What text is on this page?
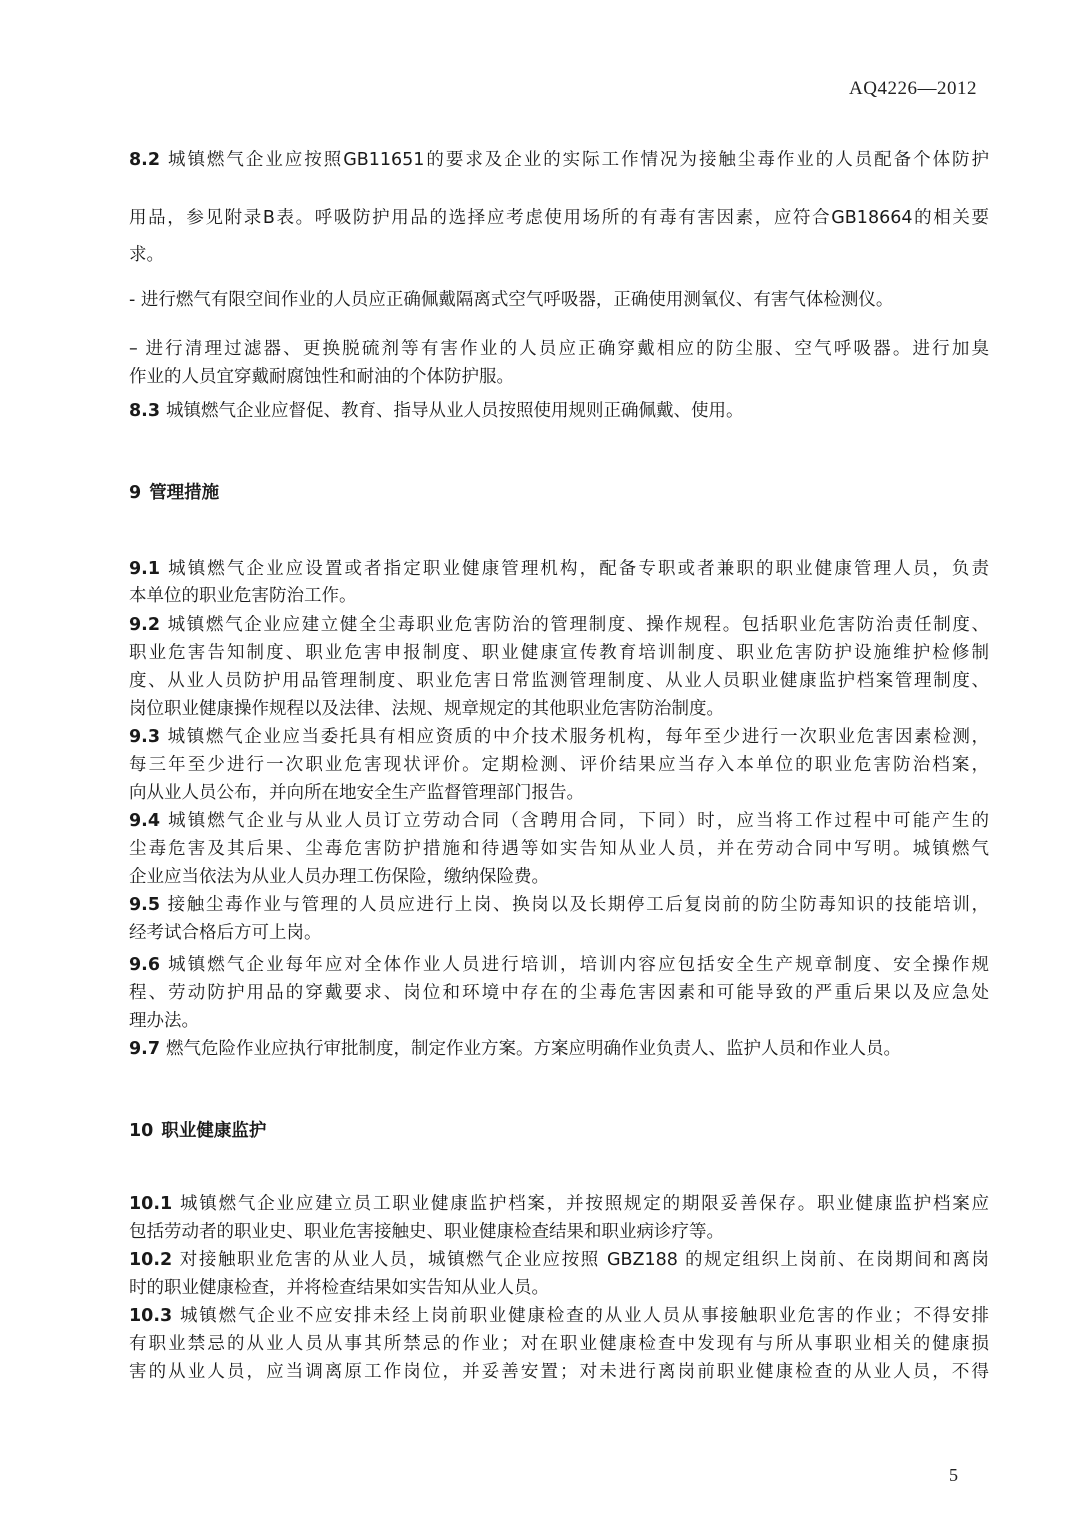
AQ4226—2012
8.2 城镇燃气企业应按照GB11651的要求及企业的实际工作情况为接触尘毒作业的人员配备个体防护
用品，参见附录B表。呼吸防护用品的选择应考虑使用场所的有毒有害因素，应符合GB18664的相关要
求。
- 进行燃气有限空间作业的人员应正确佩戴隔离式空气呼吸器，正确使用测氧仪、有害气体检测仪。
– 进行清理过滤器、更换脱硫剂等有害作业的人员应正确穿戴相应的防尘服、空气呼吸器。进行加臭
作业的人员宜穿戴耐腐蚀性和耐油的个体防护服。
8.3 城镇燃气企业应督促、教育、指导从业人员按照使用规则正确佩戴、使用。
9 管理措施
9.1 城镇燃气企业应设置或者指定职业健康管理机构，配备专职或者兼职的职业健康管理人员，负责
本单位的职业危害防治工作。
9.2 城镇燃气企业应建立健全尘毒职业危害防治的管理制度、操作规程。包括职业危害防治责任制度、
职业危害告知制度、职业危害申报制度、职业健康宣传教育培训制度、职业危害防护设施维护检修制
度、从业人员防护用品管理制度、职业危害日常监测管理制度、从业人员职业健康监护档案管理制度、
岗位职业健康操作规程以及法律、法规、规章规定的其他职业危害防治制度。
9.3 城镇燃气企业应当委托具有相应资质的中介技术服务机构，每年至少进行一次职业危害因素检测，
每三年至少进行一次职业危害现状评价。定期检测、评价结果应当存入本单位的职业危害防治档案，
向从业人员公布，并向所在地安全生产监督管理部门报告。
9.4 城镇燃气企业与从业人员订立劳动合同（含聘用合同，下同）时，应当将工作过程中可能产生的
尘毒危害及其后果、尘毒危害防护措施和待遇等如实告知从业人员，并在劳动合同中写明。城镇燃气
企业应当依法为从业人员办理工伤保险，缴纳保险费。
9.5 接触尘毒作业与管理的人员应进行上岗、换岗以及长期停工后复岗前的防尘防毒知识的技能培训，
经考试合格后方可上岗。
9.6 城镇燃气企业每年应对全体作业人员进行培训，培训内容应包括安全生产规章制度、安全操作规
程、劳动防护用品的穿戴要求、岗位和环境中存在的尘毒危害因素和可能导致的严重后果以及应急处
理办法。
9.7 燃气危险作业应执行审批制度，制定作业方案。方案应明确作业负责人、监护人员和作业人员。
10 职业健康监护
10.1 城镇燃气企业应建立员工职业健康监护档案，并按照规定的期限妥善保存。职业健康监护档案应
包括劳动者的职业史、职业危害接触史、职业健康检查结果和职业病诊疗等。
10.2 对接触职业危害的从业人员，城镇燃气企业应按照 GBZ188 的规定组织上岗前、在岗期间和离岗
时的职业健康检查，并将检查结果如实告知从业人员。
10.3 城镇燃气企业不应安排未经上岗前职业健康检查的从业人员从事接触职业危害的作业；不得安排
有职业禁忌的从业人员从事其所禁忌的作业；对在职业健康检查中发现有与所从事职业相关的健康损
害的从业人员，应当调离原工作岗位，并妥善安置；对未进行离岗前职业健康检查的从业人员，不得
5
